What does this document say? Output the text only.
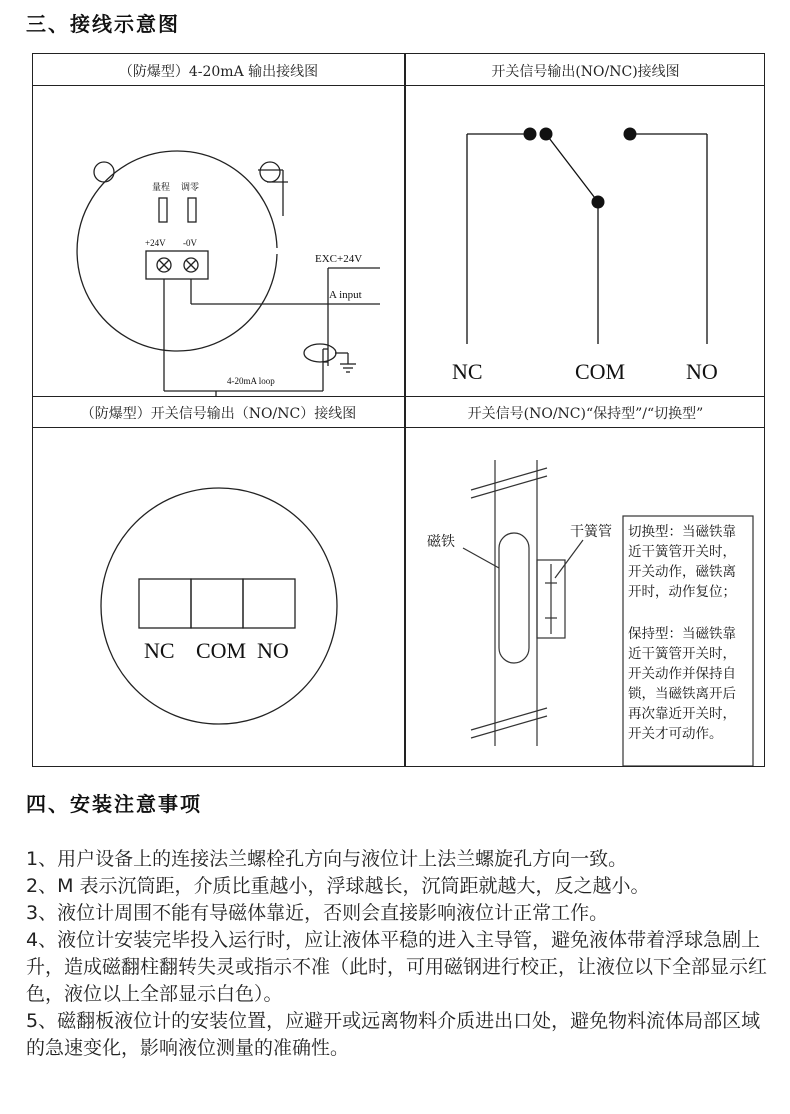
三、接线示意图
（防爆型）4-20mA 输出接线图	开关信号输出(NO/NC)接线图
（防爆型）开关信号输出（NO/NC）接线图	开关信号(NO/NC)“保持型”/“切换型”
量程 调零
+24V -0V
EXC+24V
A input
4-20mA loop	NC	COM	NO
NC COM NO
磁铁
干簧管 切换型：当磁铁靠
近干簧管开关时，
开关动作，磁铁离
开时，动作复位；
保持型：当磁铁靠
近干簧管开关时，
开关动作并保持自
锁，当磁铁离开后
再次靠近开关时，
开关才可动作。
四、安装注意事项

1、用户设备上的连接法兰螺栓孔方向与液位计上法兰螺旋孔方向一致。

2、M 表示沉筒距，介质比重越小，浮球越长，沉筒距就越大，反之越小。

3、液位计周围不能有导磁体靠近，否则会直接影响液位计正常工作。

4、液位计安装完毕投入运行时，应让液体平稳的进入主导管，避免液体带着浮球急剧上升，造成磁翻柱翻转失灵或指示不准（此时，可用磁钢进行校正，让液位以下全部显示红色，液位以上全部显示白色）。

5、磁翻板液位计的安装位置，应避开或远离物料介质进出口处，避免物料流体局部区域的急速变化，影响液位测量的准确性。
